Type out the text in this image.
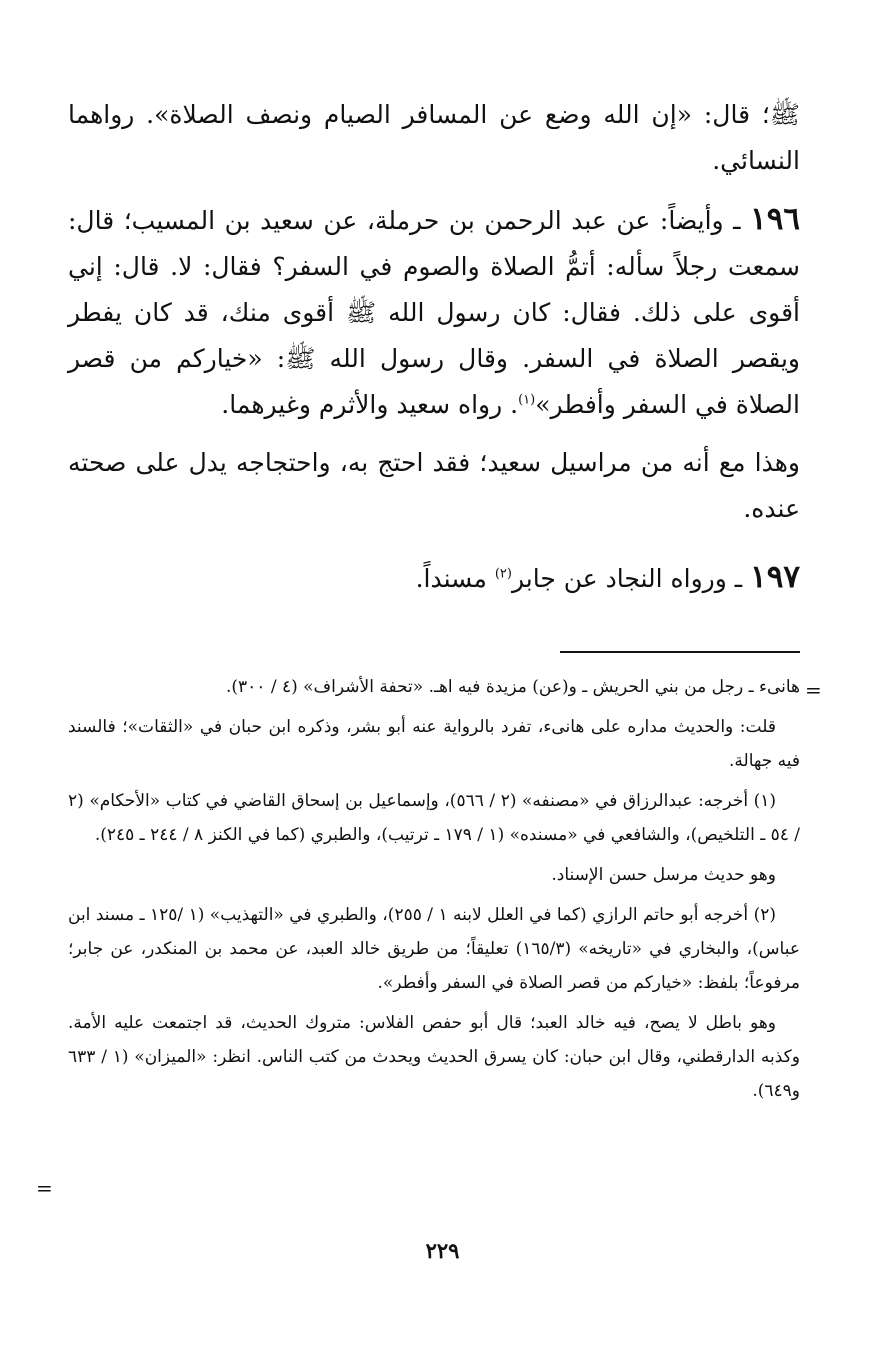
ﷺ؛ قال: «إن الله وضع عن المسافر الصيام ونصف الصلاة». رواهما النسائي.

١٩٦ ـ وأيضاً: عن عبد الرحمن بن حرملة، عن سعيد بن المسيب؛ قال: سمعت رجلاً سأله: أتمُّ الصلاة والصوم في السفر؟ فقال: لا. قال: إني أقوى على ذلك. فقال: كان رسول الله ﷺ أقوى منك، قد كان يفطر ويقصر الصلاة في السفر. وقال رسول الله ﷺ: «خياركم من قصر الصلاة في السفر وأفطر»$^{(١)}$. رواه سعيد والأثرم وغيرهما.

وهذا مع أنه من مراسيل سعيد؛ فقد احتج به، واحتجاجه يدل على صحته عنده.

١٩٧ ـ ورواه النجاد عن جابر$^{(٢)}$ مسنداً.

=

هانىء ـ رجل من بني الحريش ـ و(عن) مزيدة فيه اهـ. «تحفة الأشراف» (٤ / ٣٠٠).

قلت: والحديث مداره على هانىء، تفرد بالرواية عنه أبو بشر، وذكره ابن حبان في «الثقات»؛ فالسند فيه جهالة.

(١) أخرجه: عبدالرزاق في «مصنفه» (٢ / ٥٦٦)، وإسماعيل بن إسحاق القاضي في كتاب «الأحكام» (٢ / ٥٤ ـ التلخيص)، والشافعي في «مسنده» (١ / ١٧٩ ـ ترتيب)، والطبري (كما في الكنز ٨ / ٢٤٤ ـ ٢٤٥).

وهو حديث مرسل حسن الإسناد.

(٢) أخرجه أبو حاتم الرازي (كما في العلل لابنه ١ / ٢٥٥)، والطبري في «التهذيب» (١ /١٢٥ ـ مسند ابن عباس)، والبخاري في «تاريخه» (١٦٥/٣) تعليقاً؛ من طريق خالد العبد، عن محمد بن المنكدر، عن جابر؛ مرفوعاً؛ بلفظ: «خياركم من قصر الصلاة في السفر وأفطر».

وهو باطل لا يصح، فيه خالد العبد؛ قال أبو حفص الفلاس: متروك الحديث، قد اجتمعت عليه الأمة. وكذبه الدارقطني، وقال ابن حبان: كان يسرق الحديث ويحدث من كتب الناس. انظر: «الميزان» (١ / ٦٣٣ و٦٤٩).

=
٢٢٩
